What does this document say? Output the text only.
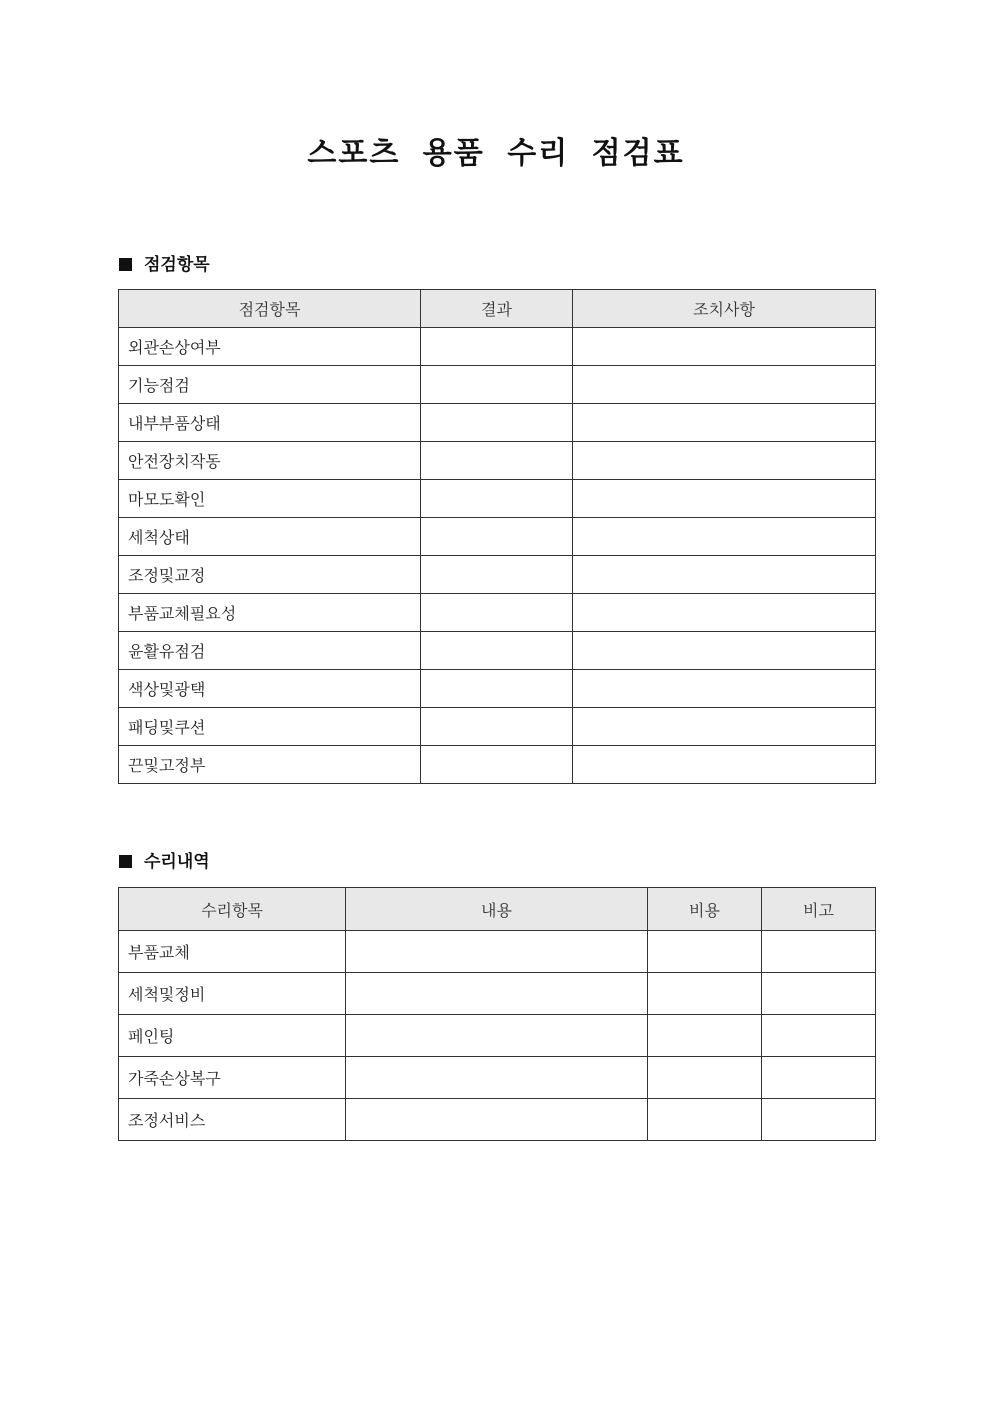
스포츠 용품 수리 점검표
점검항목
점검항목	결과	조치사항
외관손상여부		
기능점검		
내부부품상태		
안전장치작동		
마모도확인		
세척상태		
조정및교정		
부품교체필요성		
윤활유점검		
색상및광택		
패딩및쿠션		
끈및고정부		
수리내역
수리항목	내용	비용	비고
부품교체			
세척및정비			
페인팅			
가죽손상복구			
조정서비스			
